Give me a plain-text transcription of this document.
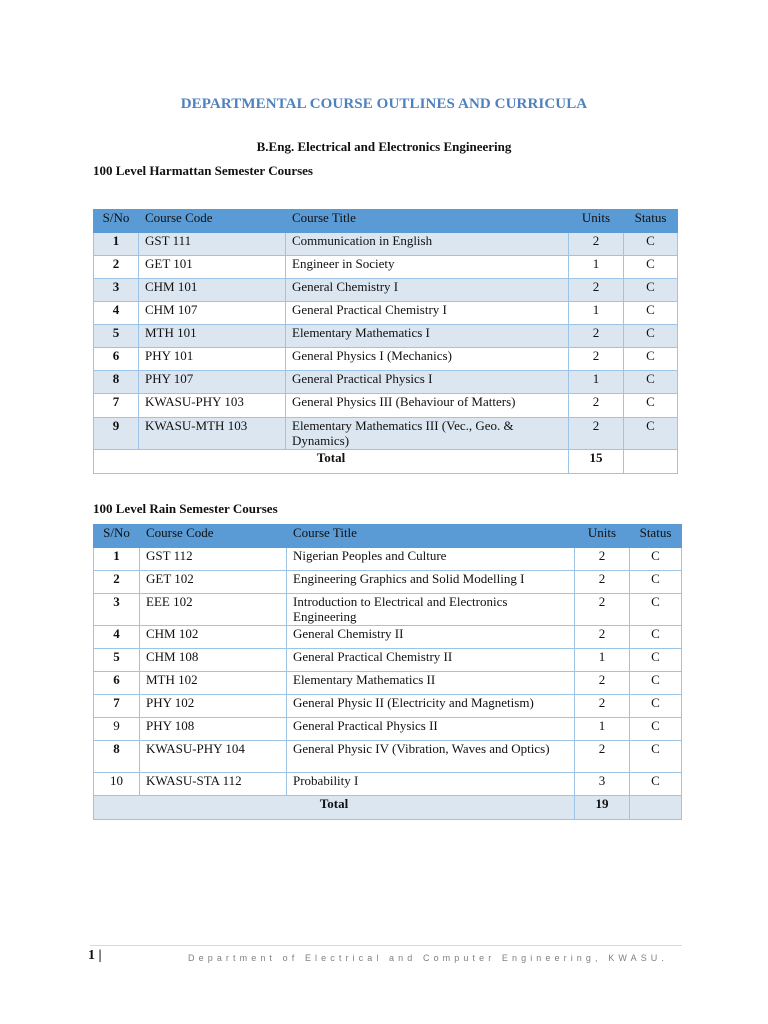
DEPARTMENTAL COURSE OUTLINES AND CURRICULA
B.Eng. Electrical and Electronics Engineering
100 Level Harmattan Semester Courses
S/No	Course Code	Course Title	Units	Status
1	GST 111	Communication in English	2	C
2	GET 101	Engineer in Society	1	C
3	CHM 101	General Chemistry I	2	C
4	CHM 107	General Practical Chemistry I	1	C
5	MTH 101	Elementary Mathematics I	2	C
6	PHY 101	General Physics I (Mechanics)	2	C
8	PHY 107	General Practical Physics I	1	C
7	KWASU-PHY 103	General Physics III (Behaviour of Matters)	2	C
9	KWASU-MTH 103	Elementary Mathematics III (Vec., Geo. & Dynamics)	2	C
Total			15	
100 Level Rain Semester Courses
S/No	Course Code	Course Title	Units	Status
1	GST 112	Nigerian Peoples and Culture	2	C
2	GET 102	Engineering Graphics and Solid Modelling I	2	C
3	EEE 102	Introduction to Electrical and Electronics Engineering	2	C
4	CHM 102	General Chemistry II	2	C
5	CHM 108	General Practical Chemistry II	1	C
6	MTH 102	Elementary Mathematics II	2	C
7	PHY 102	General Physic II (Electricity and Magnetism)	2	C
9	PHY 108	General Practical Physics II	1	C
8	KWASU-PHY 104	General Physic IV (Vibration, Waves and Optics)	2	C
10	KWASU-STA 112	Probability I	3	C
Total			19	
1 |	Department of Electrical and Computer Engineering, KWASU.
